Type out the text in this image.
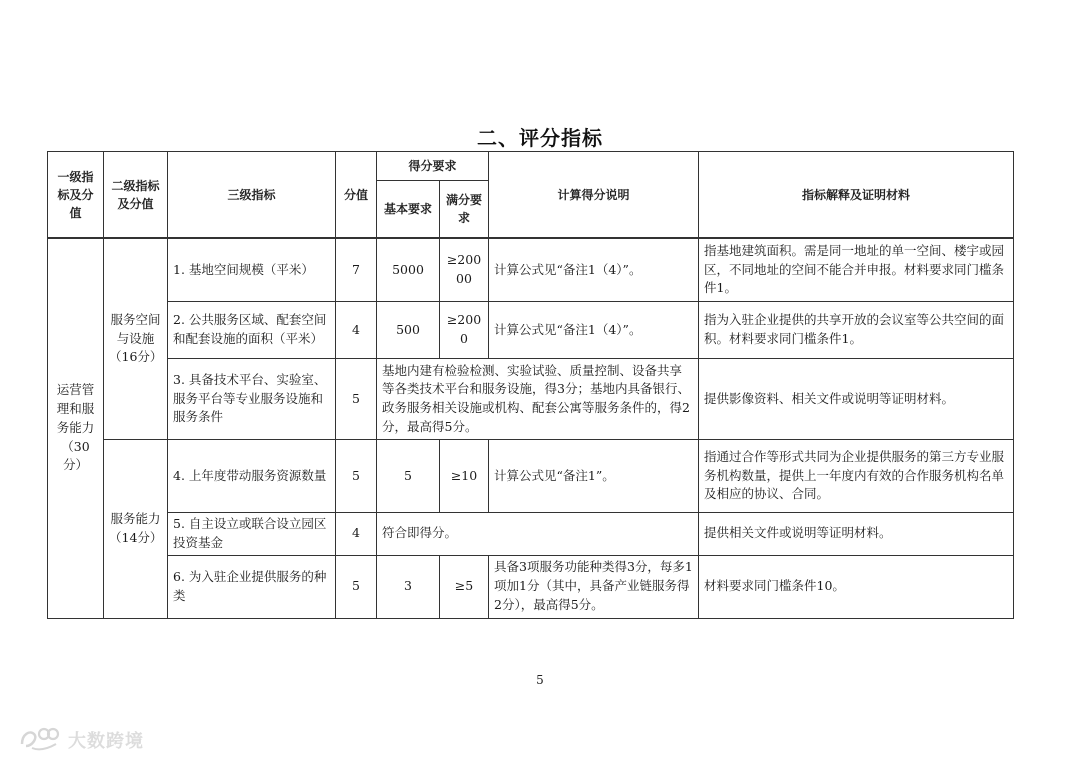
二、评分指标
一级指标及分值	二级指标及分值	三级指标	分值	得分要求		计算得分说明	指标解释及证明材料
				基本要求	满分要求		
运营管理和服务能力（30分）	服务空间与设施（16分）	1. 基地空间规模（平米）	7	5000	≥20000	计算公式见“备注1（4）”。	指基地建筑面积。需是同一地址的单一空间、楼宇或园区，不同地址的空间不能合并申报。材料要求同门槛条件1。
		2. 公共服务区域、配套空间和配套设施的面积（平米）	4	500	≥2000	计算公式见“备注1（4）”。	指为入驻企业提供的共享开放的会议室等公共空间的面积。材料要求同门槛条件1。
		3. 具备技术平台、实验室、服务平台等专业服务设施和服务条件	5	基地内建有检验检测、实验试验、质量控制、设备共享等各类技术平台和服务设施，得3分；基地内具备银行、政务服务相关设施或机构、配套公寓等服务条件的，得2分，最高得5分。			提供影像资料、相关文件或说明等证明材料。
	服务能力（14分）	4. 上年度带动服务资源数量	5	5	≥10	计算公式见“备注1”。	指通过合作等形式共同为企业提供服务的第三方专业服务机构数量，提供上一年度内有效的合作服务机构名单及相应的协议、合同。
		5. 自主设立或联合设立园区投资基金	4	符合即得分。			提供相关文件或说明等证明材料。
		6. 为入驻企业提供服务的种类	5	3	≥5	具备3项服务功能种类得3分，每多1项加1分（其中，具备产业链服务得2分），最高得5分。	材料要求同门槛条件10。
5
大数跨境
